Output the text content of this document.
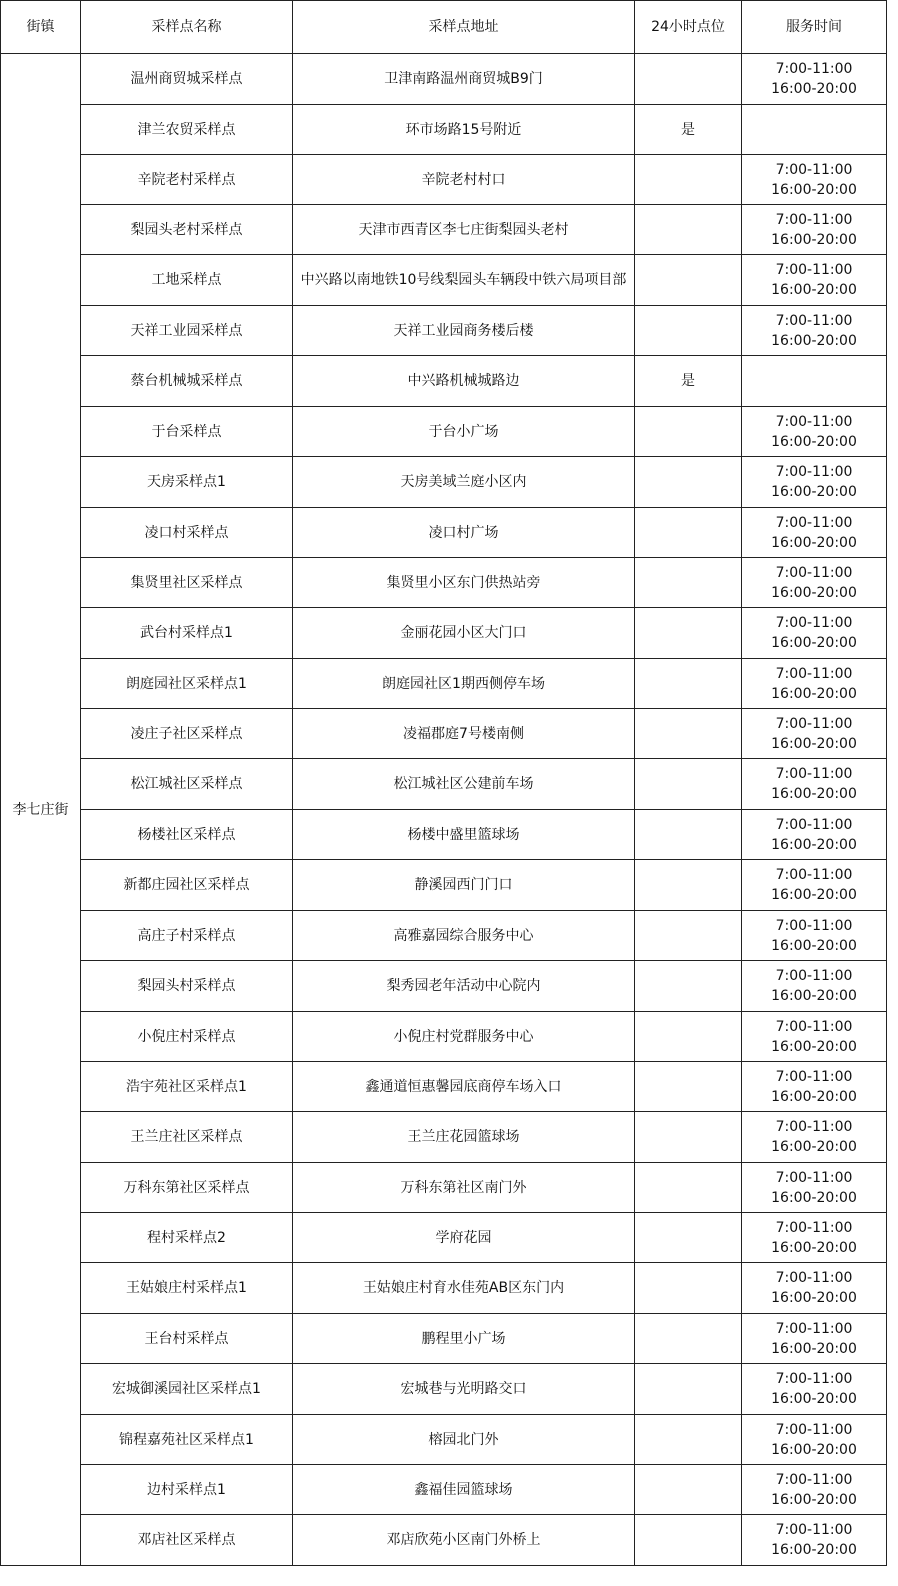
街镇	采样点名称	采样点地址	24小时点位	服务时间
李七庄街	温州商贸城采样点	卫津南路温州商贸城B9门		7:00-11:00
16:00-20:00

	津兰农贸采样点	环市场路15号附近	是	
	辛院老村采样点	辛院老村村口		7:00-11:00
16:00-20:00

	梨园头老村采样点	天津市西青区李七庄街梨园头老村		7:00-11:00
16:00-20:00

	工地采样点	中兴路以南地铁10号线梨园头车辆段中铁六局项目部		7:00-11:00
16:00-20:00

	天祥工业园采样点	天祥工业园商务楼后楼		7:00-11:00
16:00-20:00

	蔡台机械城采样点	中兴路机械城路边	是	
	于台采样点	于台小广场		7:00-11:00
16:00-20:00

	天房采样点1	天房美域兰庭小区内		7:00-11:00
16:00-20:00

	凌口村采样点	凌口村广场		7:00-11:00
16:00-20:00

	集贤里社区采样点	集贤里小区东门供热站旁		7:00-11:00
16:00-20:00

	武台村采样点1	金丽花园小区大门口		7:00-11:00
16:00-20:00

	朗庭园社区采样点1	朗庭园社区1期西侧停车场		7:00-11:00
16:00-20:00

	凌庄子社区采样点	凌福郡庭7号楼南侧		7:00-11:00
16:00-20:00

	松江城社区采样点	松江城社区公建前车场		7:00-11:00
16:00-20:00

	杨楼社区采样点	杨楼中盛里篮球场		7:00-11:00
16:00-20:00

	新都庄园社区采样点	静溪园西门门口		7:00-11:00
16:00-20:00

	高庄子村采样点	高雅嘉园综合服务中心		7:00-11:00
16:00-20:00

	梨园头村采样点	梨秀园老年活动中心院内		7:00-11:00
16:00-20:00

	小倪庄村采样点	小倪庄村党群服务中心		7:00-11:00
16:00-20:00

	浩宇苑社区采样点1	鑫通道恒惠馨园底商停车场入口		7:00-11:00
16:00-20:00

	王兰庄社区采样点	王兰庄花园篮球场		7:00-11:00
16:00-20:00

	万科东第社区采样点	万科东第社区南门外		7:00-11:00
16:00-20:00

	程村采样点2	学府花园		7:00-11:00
16:00-20:00

	王姑娘庄村采样点1	王姑娘庄村育水佳苑AB区东门内		7:00-11:00
16:00-20:00

	王台村采样点	鹏程里小广场		7:00-11:00
16:00-20:00

	宏城御溪园社区采样点1	宏城巷与光明路交口		7:00-11:00
16:00-20:00

	锦程嘉苑社区采样点1	榕园北门外		7:00-11:00
16:00-20:00

	边村采样点1	鑫福佳园篮球场		7:00-11:00
16:00-20:00

	邓店社区采样点	邓店欣苑小区南门外桥上		7:00-11:00
16:00-20:00
